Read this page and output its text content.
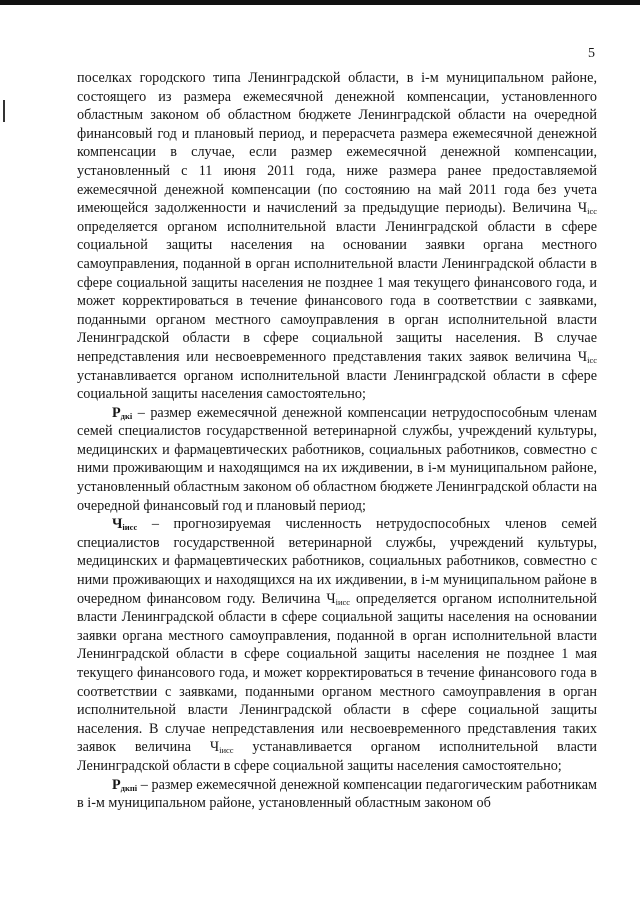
5

поселках городского типа Ленинградской области, в i-м муниципальном районе, состоящего из размера ежемесячной денежной компенсации, установленного областным законом об областном бюджете Ленинградской области на очередной финансовый год и плановый период, и перерасчета размера ежемесячной денежной компенсации в случае, если размер ежемесячной денежной компенсации, установленный с 11 июня 2011 года, ниже размера ранее предоставляемой ежемесячной денежной компенсации (по состоянию на май 2011 года без учета имеющейся задолженности и начислений за предыдущие периоды). Величина $Ч_{icc}$ определяется органом исполнительной власти Ленинградской области в сфере социальной защиты населения на основании заявки органа местного самоуправления, поданной в орган исполнительной власти Ленинградской области в сфере социальной защиты населения не позднее 1 мая текущего финансового года, и может корректироваться в течение финансового года в соответствии с заявками, поданными органом местного самоуправления в орган исполнительной власти Ленинградской области в сфере социальной защиты населения. В случае непредставления или несвоевременного представления таких заявок величина $Ч_{icc}$ устанавливается органом исполнительной власти Ленинградской области в сфере социальной защиты населения самостоятельно;

$Р_{дкi}$ – размер ежемесячной денежной компенсации нетрудоспособным членам семей специалистов государственной ветеринарной службы, учреждений культуры, медицинских и фармацевтических работников, социальных работников, совместно с ними проживающим и находящимся на их иждивении, в i-м муниципальном районе, установленный областным законом об областном бюджете Ленинградской области на очередной финансовый год и плановый период;

$Ч_{iисс}$ – прогнозируемая численность нетрудоспособных членов семей специалистов государственной ветеринарной службы, учреждений культуры, медицинских и фармацевтических работников, социальных работников, совместно с ними проживающих и находящихся на их иждивении, в i-м муниципальном районе в очередном финансовом году. Величина $Ч_{iисс}$ определяется органом исполнительной власти Ленинградской области в сфере социальной защиты населения на основании заявки органа местного самоуправления, поданной в орган исполнительной власти Ленинградской области в сфере социальной защиты населения не позднее 1 мая текущего финансового года, и может корректироваться в течение финансового года в соответствии с заявками, поданными органом местного самоуправления в орган исполнительной власти Ленинградской области в сфере социальной защиты населения. В случае непредставления или несвоевременного представления таких заявок величина $Ч_{iисс}$ устанавливается органом исполнительной власти Ленинградской области в сфере социальной защиты населения самостоятельно;

$Р_{дкпi}$ – размер ежемесячной денежной компенсации педагогическим работникам в i-м муниципальном районе, установленный областным законом об
